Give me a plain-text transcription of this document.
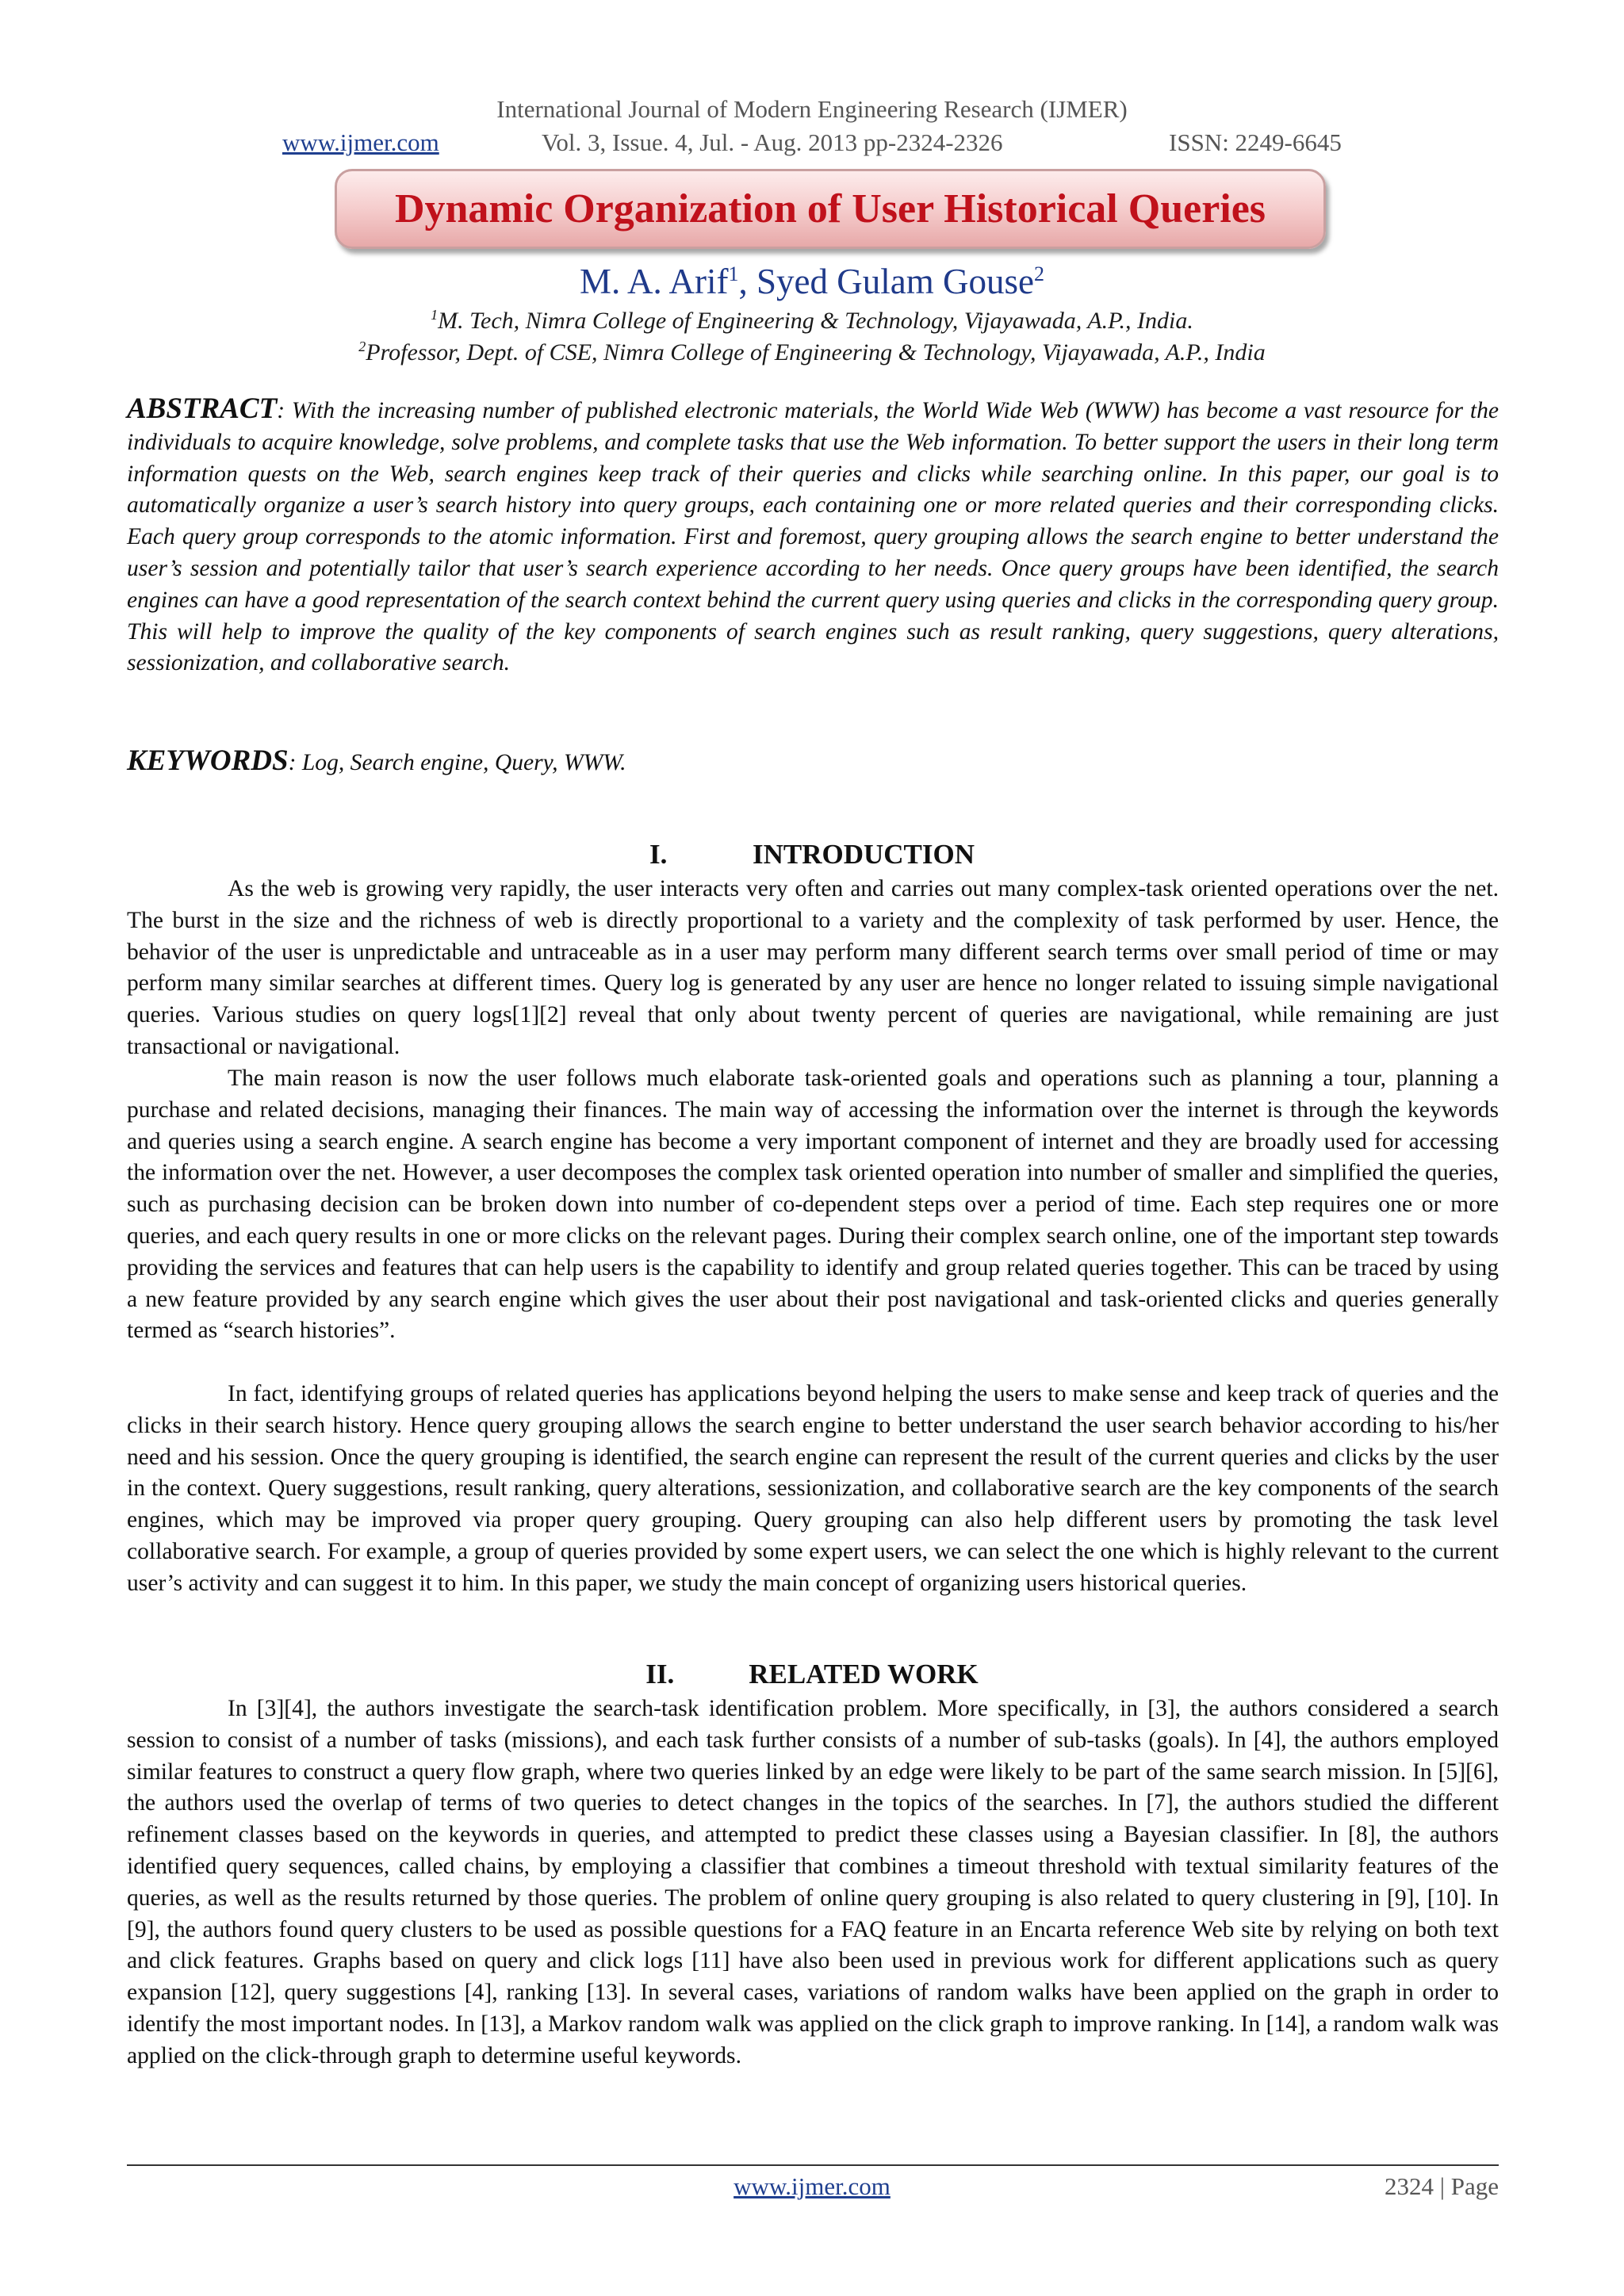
International Journal of Modern Engineering Research (IJMER)
www.ijmer.com	Vol. 3, Issue. 4, Jul. - Aug. 2013 pp-2324-2326	ISSN: 2249-6645
Dynamic Organization of User Historical Queries
M. A. Arif$^1$, Syed Gulam Gouse$^2$
$^1$M. Tech, Nimra College of Engineering & Technology, Vijayawada, A.P., India.
$^2$Professor, Dept. of CSE, Nimra College of Engineering & Technology, Vijayawada, A.P., India

ABSTRACT: With the increasing number of published electronic materials, the World Wide Web (WWW) has become a vast resource for the individuals to acquire knowledge, solve problems, and complete tasks that use the Web information. To better support the users in their long term information quests on the Web, search engines keep track of their queries and clicks while searching online. In this paper, our goal is to automatically organize a user’s search history into query groups, each containing one or more related queries and their corresponding clicks. Each query group corresponds to the atomic information. First and foremost, query grouping allows the search engine to better understand the user’s session and potentially tailor that user’s search experience according to her needs. Once query groups have been identified, the search engines can have a good representation of the search context behind the current query using queries and clicks in the corresponding query group. This will help to improve the quality of the key components of search engines such as result ranking, query suggestions, query alterations, sessionization, and collaborative search.

KEYWORDS: Log, Search engine, Query, WWW.

I.	INTRODUCTION

As the web is growing very rapidly, the user interacts very often and carries out many complex-task oriented operations over the net. The burst in the size and the richness of web is directly proportional to a variety and the complexity of task performed by user. Hence, the behavior of the user is unpredictable and untraceable as in a user may perform many different search terms over small period of time or may perform many similar searches at different times. Query log is generated by any user are hence no longer related to issuing simple navigational queries. Various studies on query logs[1][2] reveal that only about twenty percent of queries are navigational, while remaining are just transactional or navigational.

The main reason is now the user follows much elaborate task-oriented goals and operations such as planning a tour, planning a purchase and related decisions, managing their finances. The main way of accessing the information over the internet is through the keywords and queries using a search engine. A search engine has become a very important component of internet and they are broadly used for accessing the information over the net. However, a user decomposes the complex task oriented operation into number of smaller and simplified the queries, such as purchasing decision can be broken down into number of co-dependent steps over a period of time. Each step requires one or more queries, and each query results in one or more clicks on the relevant pages. During their complex search online, one of the important step towards providing the services and features that can help users is the capability to identify and group related queries together. This can be traced by using a new feature provided by any search engine which gives the user about their post navigational and task-oriented clicks and queries generally termed as “search histories”.

In fact, identifying groups of related queries has applications beyond helping the users to make sense and keep track of queries and the clicks in their search history. Hence query grouping allows the search engine to better understand the user search behavior according to his/her need and his session. Once the query grouping is identified, the search engine can represent the result of the current queries and clicks by the user in the context. Query suggestions, result ranking, query alterations, sessionization, and collaborative search are the key components of the search engines, which may be improved via proper query grouping. Query grouping can also help different users by promoting the task level collaborative search. For example, a group of queries provided by some expert users, we can select the one which is highly relevant to the current user’s activity and can suggest it to him. In this paper, we study the main concept of organizing users historical queries.

II.	RELATED WORK

In [3][4], the authors investigate the search-task identification problem. More specifically, in [3], the authors considered a search session to consist of a number of tasks (missions), and each task further consists of a number of sub-tasks (goals). In [4], the authors employed similar features to construct a query flow graph, where two queries linked by an edge were likely to be part of the same search mission. In [5][6], the authors used the overlap of terms of two queries to detect changes in the topics of the searches. In [7], the authors studied the different refinement classes based on the keywords in queries, and attempted to predict these classes using a Bayesian classifier. In [8], the authors identified query sequences, called chains, by employing a classifier that combines a timeout threshold with textual similarity features of the queries, as well as the results returned by those queries. The problem of online query grouping is also related to query clustering in [9], [10]. In [9], the authors found query clusters to be used as possible questions for a FAQ feature in an Encarta reference Web site by relying on both text and click features. Graphs based on query and click logs [11] have also been used in previous work for different applications such as query expansion [12], query suggestions [4], ranking [13]. In several cases, variations of random walks have been applied on the graph in order to identify the most important nodes. In [13], a Markov random walk was applied on the click graph to improve ranking. In [14], a random walk was applied on the click-through graph to determine useful keywords.

www.ijmer.com	2324 | Page
